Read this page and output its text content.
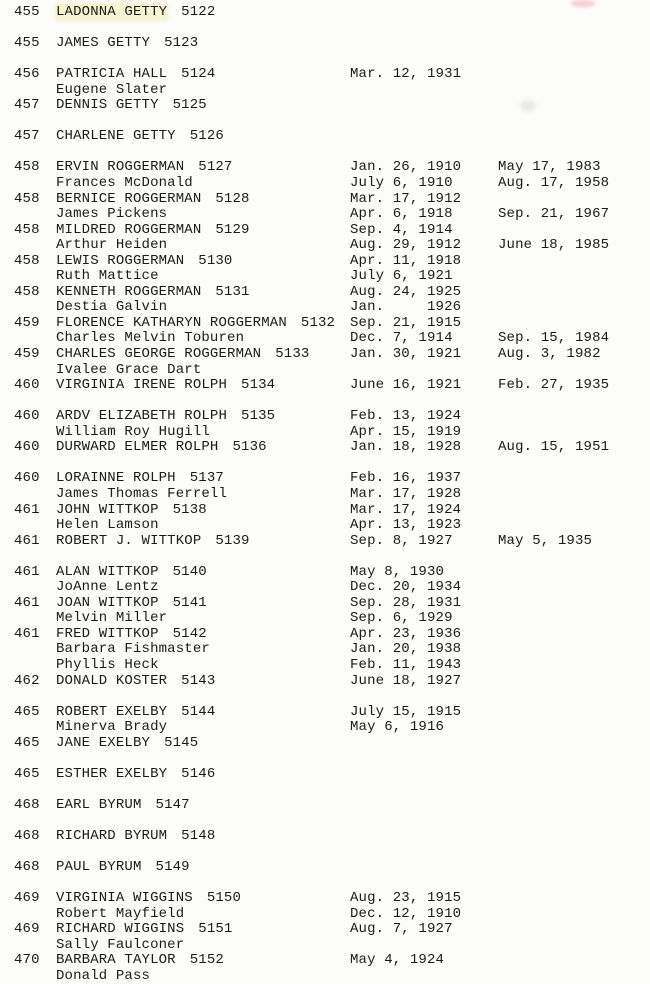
455 LADONNA GETTY 5122
455 JAMES GETTY 5123
456 PATRICIA HALL 5124	Mar. 12, 1931
Eugene Slater
457 DENNIS GETTY 5125
457 CHARLENE GETTY 5126
458 ERVIN ROGGERMAN 5127	Jan. 26, 1910	May 17, 1983
Frances McDonald	July 6, 1910	Aug. 17, 1958
458 BERNICE ROGGERMAN 5128	Mar. 17, 1912
James Pickens	Apr. 6, 1918	Sep. 21, 1967
458 MILDRED ROGGERMAN 5129	Sep. 4, 1914
Arthur Heiden	Aug. 29, 1912	June 18, 1985
458 LEWIS ROGGERMAN 5130	Apr. 11, 1918
Ruth Mattice	July 6, 1921
458 KENNETH ROGGERMAN 5131	Aug. 24, 1925
Destia Galvin	Jan.     1926
459 FLORENCE KATHARYN ROGGERMAN 5132 Sep. 21, 1915
Charles Melvin Toburen	Dec. 7, 1914	Sep. 15, 1984
459 CHARLES GEORGE ROGGERMAN 5133	Jan. 30, 1921	Aug. 3, 1982
Ivalee Grace Dart
460 VIRGINIA IRENE ROLPH 5134	June 16, 1921	Feb. 27, 1935
460 ARDV ELIZABETH ROLPH 5135	Feb. 13, 1924
William Roy Hugill	Apr. 15, 1919
460 DURWARD ELMER ROLPH 5136	Jan. 18, 1928	Aug. 15, 1951
460 LORAINNE ROLPH 5137	Feb. 16, 1937
James Thomas Ferrell	Mar. 17, 1928
461 JOHN WITTKOP 5138	Mar. 17, 1924
Helen Lamson	Apr. 13, 1923
461 ROBERT J. WITTKOP 5139	Sep. 8, 1927	May 5, 1935
461 ALAN WITTKOP 5140	May 8, 1930
JoAnne Lentz	Dec. 20, 1934
461 JOAN WITTKOP 5141	Sep. 28, 1931
Melvin Miller	Sep. 6, 1929
461 FRED WITTKOP 5142	Apr. 23, 1936
Barbara Fishmaster	Jan. 20, 1938
Phyllis Heck	Feb. 11, 1943
462 DONALD KOSTER 5143	June 18, 1927
465 ROBERT EXELBY 5144	July 15, 1915
Minerva Brady	May 6, 1916
465 JANE EXELBY 5145
465 ESTHER EXELBY 5146
468 EARL BYRUM 5147
468 RICHARD BYRUM 5148
468 PAUL BYRUM 5149
469 VIRGINIA WIGGINS 5150	Aug. 23, 1915
Robert Mayfield	Dec. 12, 1910
469 RICHARD WIGGINS 5151	Aug. 7, 1927
Sally Faulconer
470 BARBARA TAYLOR 5152	May 4, 1924
Donald Pass
